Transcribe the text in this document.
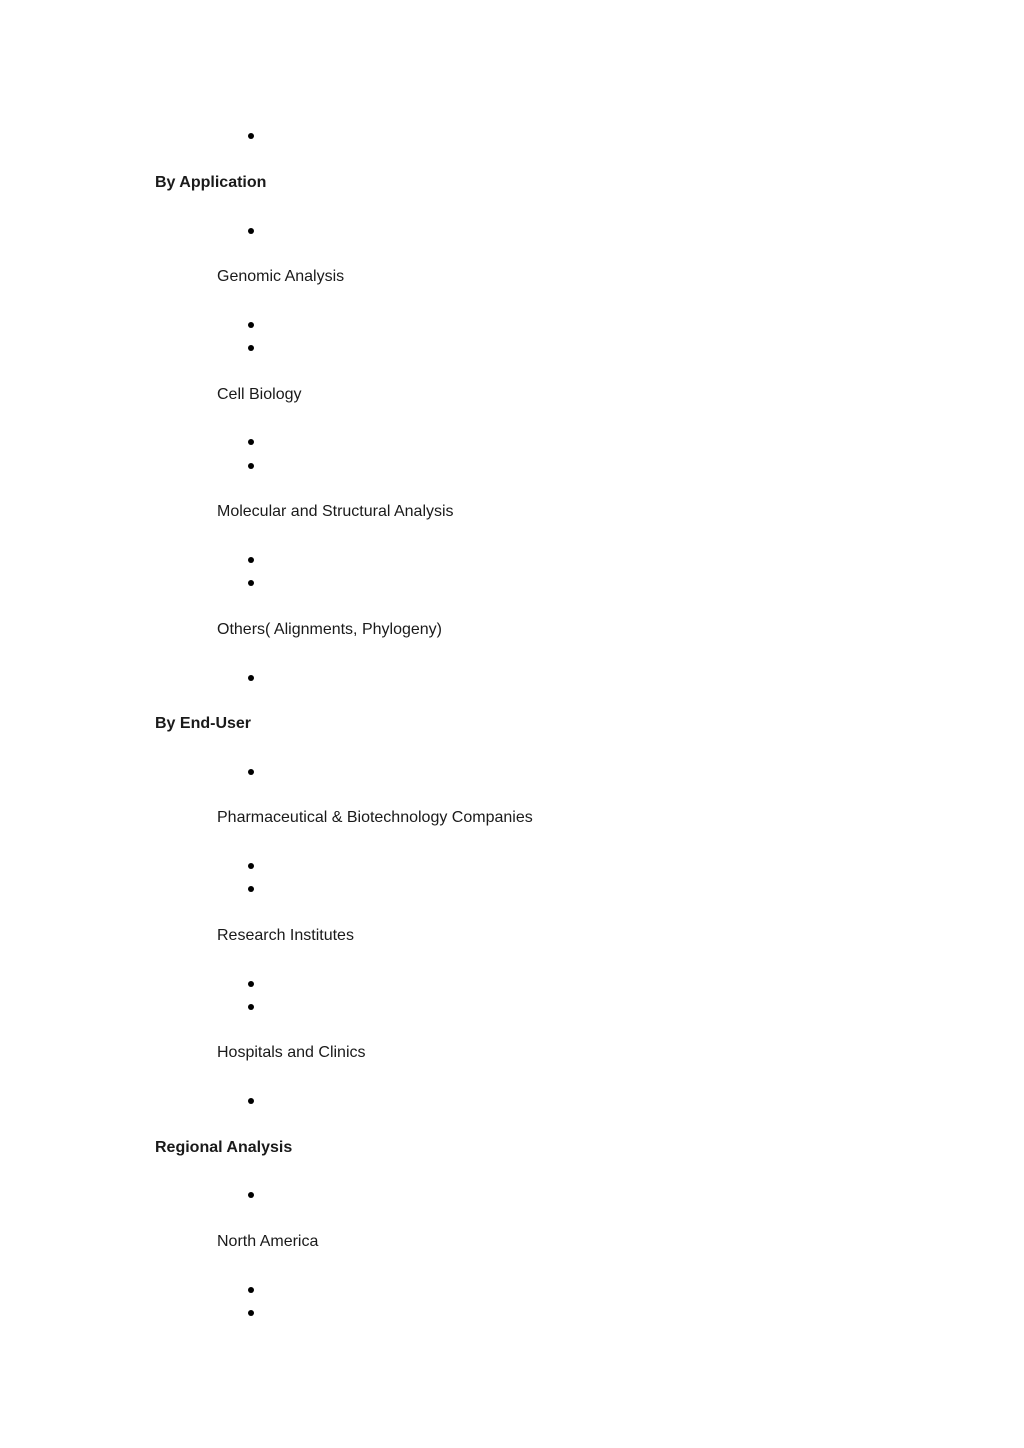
By Application

Genomic Analysis

Cell Biology

Molecular and Structural Analysis

Others( Alignments, Phylogeny)

By End-User

Pharmaceutical & Biotechnology Companies

Research Institutes

Hospitals and Clinics

Regional Analysis

North America
